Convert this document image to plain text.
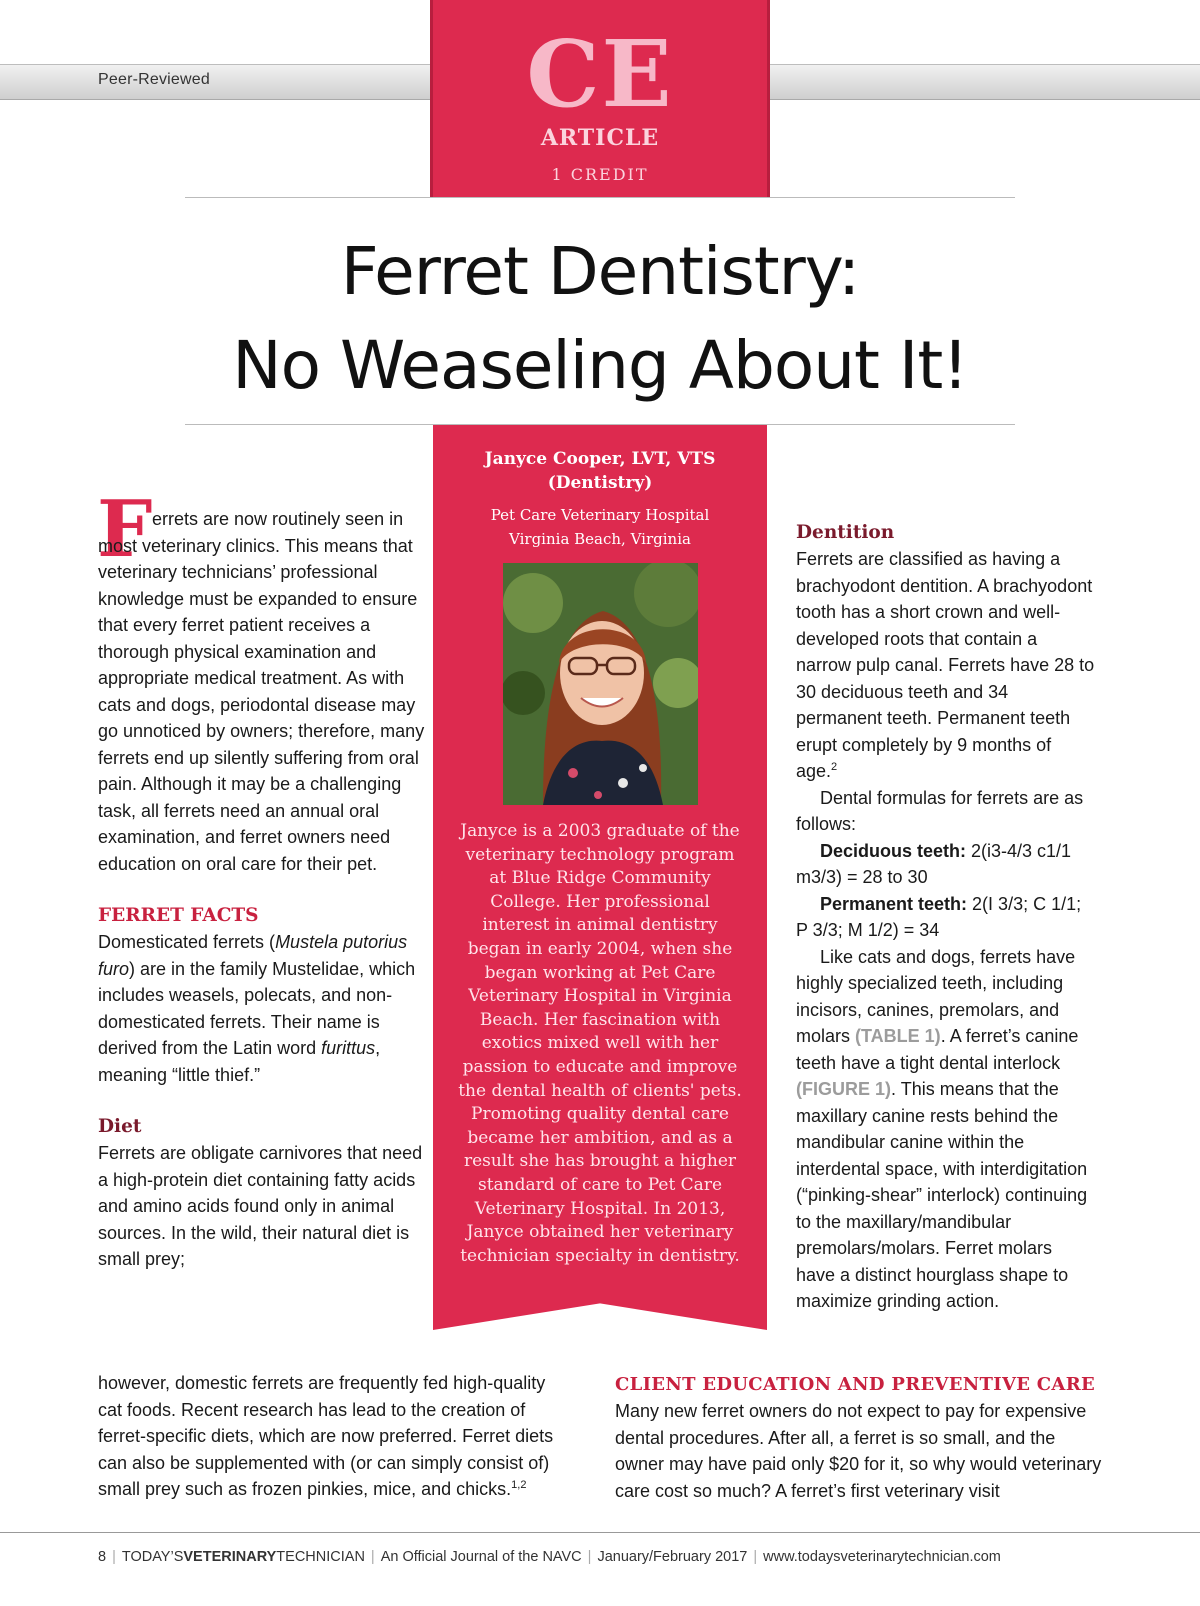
Peer-Reviewed	CE
ARTICLE
1 CREDIT
Ferret Dentistry:
No Weaseling About It!
Janyce Cooper, LVT, VTS
(Dentistry)
Pet Care Veterinary Hospital
Virginia Beach, Virginia
Janyce is a 2003 graduate of the veterinary technology program at Blue Ridge Community College. Her professional interest in animal dentistry began in early 2004, when she began working at Pet Care Veterinary Hospital in Virginia Beach. Her fascination with exotics mixed well with her passion to educate and improve the dental health of clients' pets. Promoting quality dental care became her ambition, and as a result she has brought a higher standard of care to Pet Care Veterinary Hospital. In 2013, Janyce obtained her veterinary technician specialty in dentistry.
F errets are now routinely seen in most veterinary clinics. This means that veterinary technicians’ professional knowledge must be expanded to ensure that every ferret patient receives a thorough physical examination and appropriate medical treatment. As with cats and dogs, periodontal disease may go unnoticed by owners; therefore, many ferrets end up silently suffering from oral pain. Although it may be a challenging task, all ferrets need an annual oral examination, and ferret owners need education on oral care for their pet.

FERRET FACTS

Domesticated ferrets (Mustela putorius furo) are in the family Mustelidae, which includes weasels, polecats, and non-domesticated ferrets. Their name is derived from the Latin word furittus, meaning “little thief.”

Diet

Ferrets are obligate carnivores that need a high-protein diet containing fatty acids and amino acids found only in animal sources. In the wild, their natural diet is small prey;

however, domestic ferrets are frequently fed high-quality cat foods. Recent research has lead to the creation of ferret-specific diets, which are now preferred. Ferret diets can also be supplemented with (or can simply consist of) small prey such as frozen pinkies, mice, and chicks.$^{1,2}$

Dentition

Ferrets are classified as having a brachyodont dentition. A brachyodont tooth has a short crown and well-developed roots that contain a narrow pulp canal. Ferrets have 28 to 30 deciduous teeth and 34 permanent teeth. Permanent teeth erupt completely by 9 months of age.$^2$

Dental formulas for ferrets are as follows:

Deciduous teeth: 2(i3-4/3 c1/1 m3/3) = 28 to 30

Permanent teeth: 2(I 3/3; C 1/1; P 3/3; M 1/2) = 34

Like cats and dogs, ferrets have highly specialized teeth, including incisors, canines, premolars, and molars (TABLE 1). A ferret’s canine teeth have a tight dental interlock (FIGURE 1). This means that the maxillary canine rests behind the mandibular canine within the interdental space, with interdigitation (“pinking-shear” interlock) continuing to the maxillary/mandibular premolars/molars. Ferret molars have a distinct hourglass shape to maximize grinding action.

CLIENT EDUCATION AND PREVENTIVE CARE

Many new ferret owners do not expect to pay for expensive dental procedures. After all, a ferret is so small, and the owner may have paid only $20 for it, so why would veterinary care cost so much? A ferret’s first veterinary visit

8 | TODAY’SVETERINARYTECHNICIAN | An Official Journal of the NAVC | January/February 2017 | www.todaysveterinarytechnician.com
